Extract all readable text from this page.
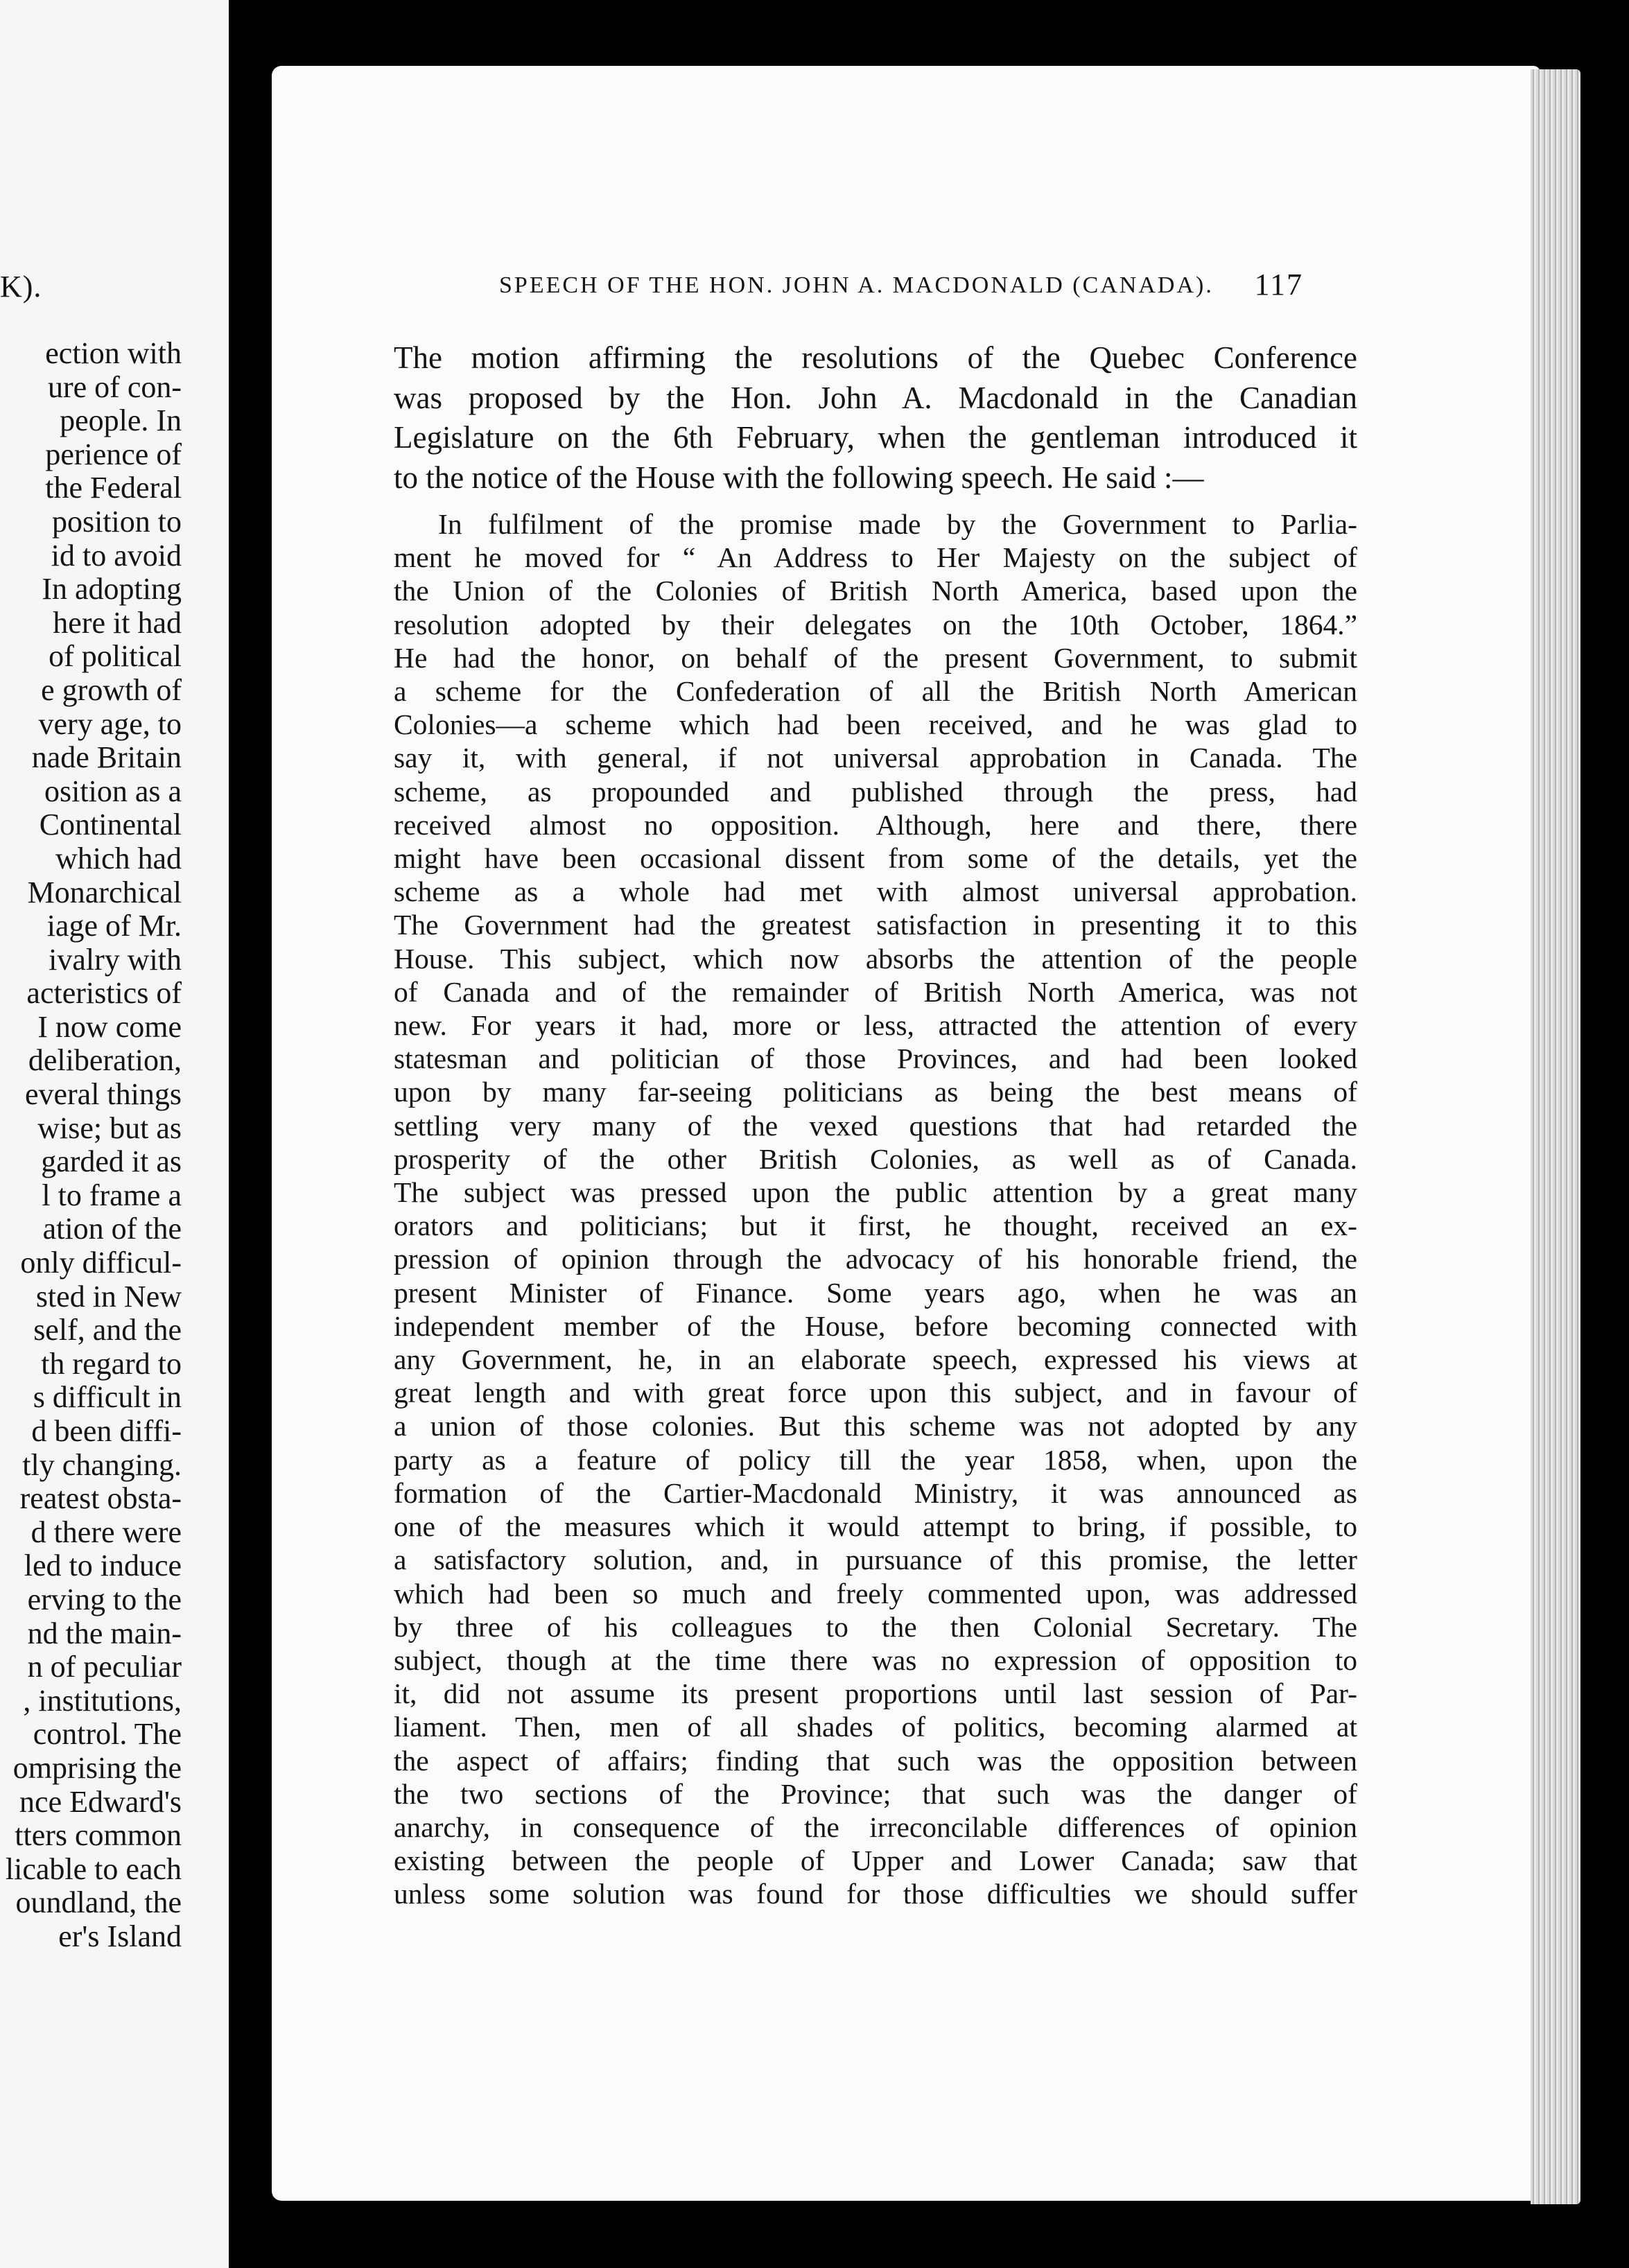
K).
ection with
ure of con-
people. In
perience of
the Federal
position to
id to avoid
In adopting
here it had
of political
e growth of
very age, to
nade Britain
osition as a
Continental
which had
Monarchical
iage of Mr.
ivalry with
acteristics of
I now come
deliberation,
everal things
wise; but as
garded it as
l to frame a
ation of the
only difficul-
sted in New
self, and the
th regard to
s difficult in
d been diffi-
tly changing.
reatest obsta-
d there were
led to induce
erving to the
nd the main-
n of peculiar
, institutions,
control. The
omprising the
nce Edward's
tters common
licable to each
oundland, the
er's Island
SPEECH OF THE HON. JOHN A. MACDONALD (CANADA). 117

The motion affirming the resolutions of the Quebec Conference
was proposed by the Hon. John A. Macdonald in the Canadian
Legislature on the 6th February, when the gentleman introduced it
to the notice of the House with the following speech. He said :—

In fulfilment of the promise made by the Government to Parlia-
ment he moved for “ An Address to Her Majesty on the subject of
the Union of the Colonies of British North America, based upon the
resolution adopted by their delegates on the 10th October, 1864.”
He had the honor, on behalf of the present Government, to submit
a scheme for the Confederation of all the British North American
Colonies—a scheme which had been received, and he was glad to
say it, with general, if not universal approbation in Canada. The
scheme, as propounded and published through the press, had
received almost no opposition. Although, here and there, there
might have been occasional dissent from some of the details, yet the
scheme as a whole had met with almost universal approbation.
The Government had the greatest satisfaction in presenting it to this
House. This subject, which now absorbs the attention of the people
of Canada and of the remainder of British North America, was not
new. For years it had, more or less, attracted the attention of every
statesman and politician of those Provinces, and had been looked
upon by many far-seeing politicians as being the best means of
settling very many of the vexed questions that had retarded the
prosperity of the other British Colonies, as well as of Canada.
The subject was pressed upon the public attention by a great many
orators and politicians; but it first, he thought, received an ex-
pression of opinion through the advocacy of his honorable friend, the
present Minister of Finance. Some years ago, when he was an
independent member of the House, before becoming connected with
any Government, he, in an elaborate speech, expressed his views at
great length and with great force upon this subject, and in favour of
a union of those colonies. But this scheme was not adopted by any
party as a feature of policy till the year 1858, when, upon the
formation of the Cartier-Macdonald Ministry, it was announced as
one of the measures which it would attempt to bring, if possible, to
a satisfactory solution, and, in pursuance of this promise, the letter
which had been so much and freely commented upon, was addressed
by three of his colleagues to the then Colonial Secretary. The
subject, though at the time there was no expression of opposition to
it, did not assume its present proportions until last session of Par-
liament. Then, men of all shades of politics, becoming alarmed at
the aspect of affairs; finding that such was the opposition between
the two sections of the Province; that such was the danger of
anarchy, in consequence of the irreconcilable differences of opinion
existing between the people of Upper and Lower Canada; saw that
unless some solution was found for those difficulties we should suffer
